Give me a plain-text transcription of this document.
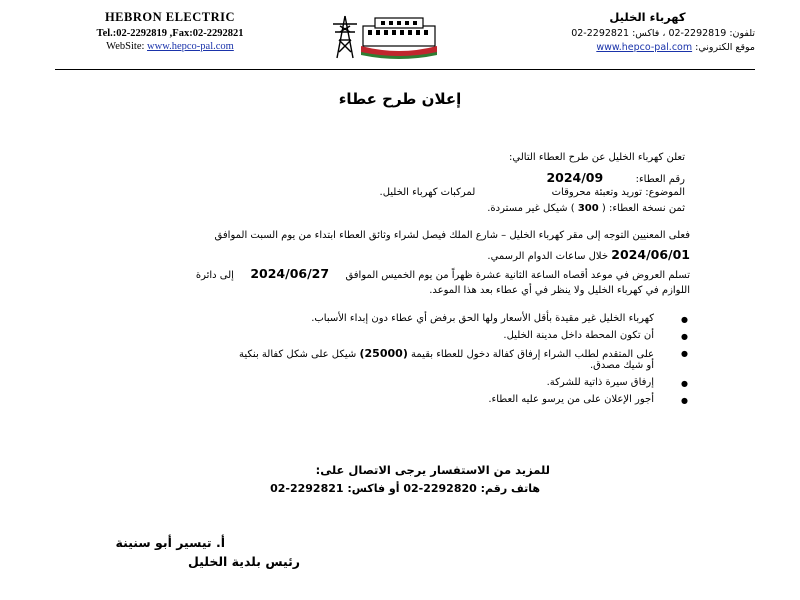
HEBRON ELECTRIC
Tel.:02-2292819 ,Fax:02-2292821
WebSite: www.hepco-pal.com
كهرباء الخليل
تلفون: 2292819-02 ، فاكس: 2292821-02
موقع الكتروني: www.hepco-pal.com
إعلان طرح عطاء
تعلن كهرباء الخليل عن طرح العطاء التالي:
رقم العطاء:  2024/09
الموضوع: توريد وتعبئة محروقات  لمركبات كهرباء الخليل.
ثمن نسخة العطاء: ( 300 ) شيكل غير مستردة.
فعلى المعنيين التوجه إلى مقر كهرباء الخليل – شارع الملك فيصل لشراء وثائق العطاء ابتداء من يوم السبت الموافق
2024/06/01 خلال ساعات الدوام الرسمي.
تسلم العروض في موعد أقصاه الساعة الثانية عشرة ظهراً من يوم الخميس الموافق  2024/06/27  إلى دائرة
اللوازم في كهرباء الخليل ولا ينظر في أي عطاء بعد هذا الموعد.
● كهرباء الخليل غير مقيدة بأقل الأسعار ولها الحق برفض أي عطاء دون إبداء الأسباب.
● أن تكون المحطة داخل مدينة الخليل.
● على المتقدم لطلب الشراء إرفاق كفالة دخول للعطاء بقيمة (25000) شيكل على شكل كفالة بنكية
أو شيك مصدق.
● إرفاق سيرة ذاتية للشركة.
● أجور الإعلان على من يرسو عليه العطاء.
للمزيد من الاستفسار يرجى الاتصال على:
هاتف رقم: 2292820-02 أو فاكس: 2292821-02
أ. تيسير أبو سنينة
رئيس بلدية الخليل
